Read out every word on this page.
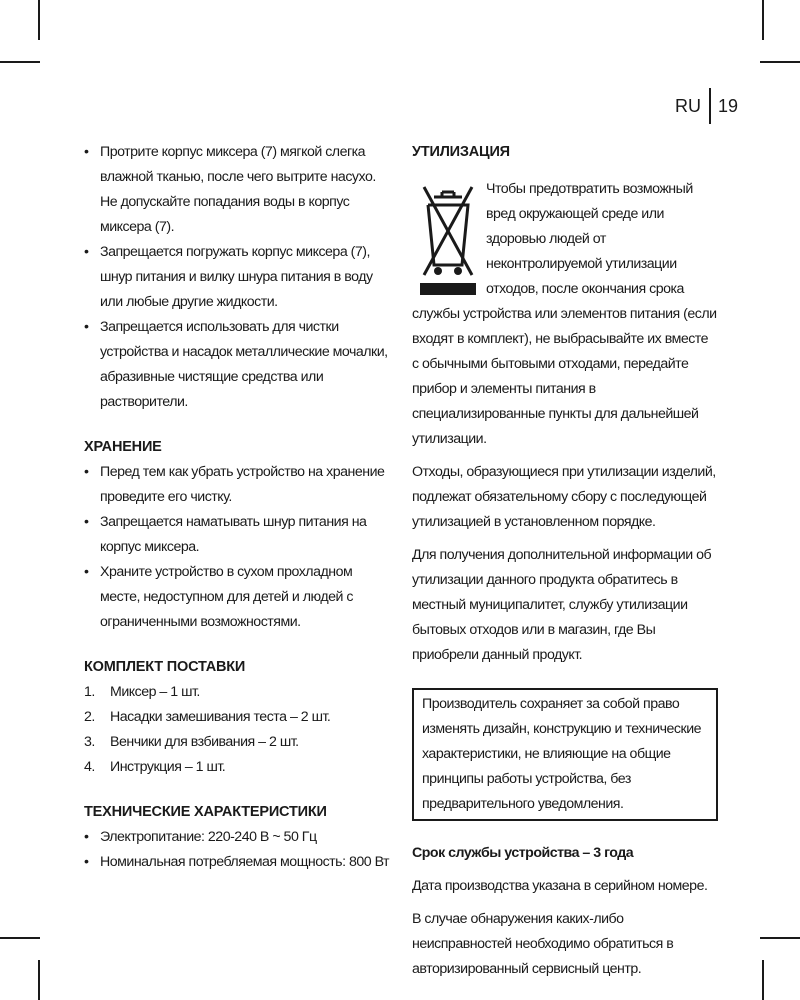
RU 19
• Протрите корпус миксера (7) мягкой слегка влажной тканью, после чего вытрите насухо. Не допускайте попадания воды в корпус миксера (7).
• Запрещается погружать корпус миксера (7), шнур питания и вилку шнура питания в воду или любые другие жидкости.
• Запрещается использовать для чистки устройства и насадок металлические мочалки, абразивные чистящие средства или растворители.
ХРАНЕНИЕ
• Перед тем как убрать устройство на хранение проведите его чистку.
• Запрещается наматывать шнур питания на корпус миксера.
• Храните устройство в сухом прохладном месте, недоступном для детей и людей с ограниченными возможностями.
КОМПЛЕКТ ПОСТАВКИ
1.	Миксер – 1 шт.
2.	Насадки замешивания теста – 2 шт.
3.	Венчики для взбивания – 2 шт.
4.	Инструкция – 1 шт.
ТЕХНИЧЕСКИЕ ХАРАКТЕРИСТИКИ
• Электропитание: 220-240 В ~ 50 Гц
• Номинальная потребляемая мощность: 800 Вт
УТИЛИЗАЦИЯ

Чтобы предотвратить возможный вред окружающей среде или здоровью людей от неконтролируемой утилизации отходов, после окончания срока службы устройства или элементов питания (если входят в комплект), не выбрасывайте их вместе с обычными бытовыми отходами, передайте прибор и элементы питания в специализированные пункты для дальнейшей утилизации.

Отходы, образующиеся при утилизации изделий, подлежат обязательному сбору с последующей утилизацией в установленном порядке.

Для получения дополнительной информации об утилизации данного продукта обратитесь в местный муниципалитет, службу утилизации бытовых отходов или в магазин, где Вы приобрели данный продукт.

Производитель сохраняет за собой право изменять дизайн, конструкцию и технические характеристики, не влияющие на общие принципы работы устройства, без предварительного уведомления.

Срок службы устройства – 3 года

Дата производства указана в серийном номере.

В случае обнаружения каких-либо неисправностей необходимо обратиться в авторизированный сервисный центр.
